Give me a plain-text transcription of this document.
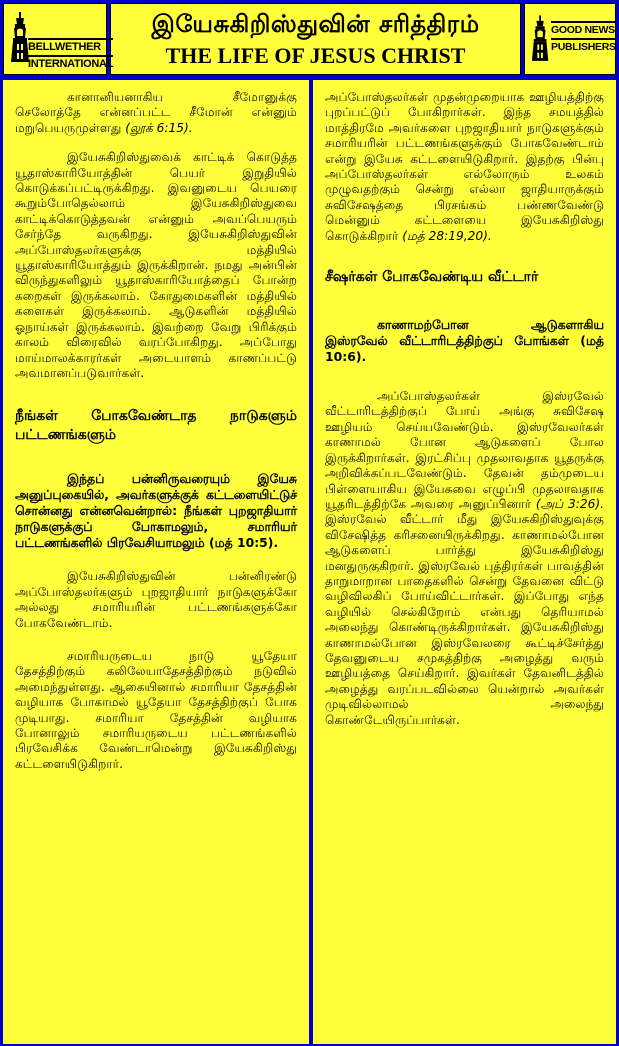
BELLWETHER
INTERNATIONAL
இயேசுகிறிஸ்துவின் சரித்திரம்
THE LIFE OF JESUS CHRIST
GOOD NEWS
PUBLISHERS

கானானியனாகிய சீமோனுக்கு செலோத்தே என்னப்பட்ட சீமோன் என்னும் மறுபெயருமுள்ளது (லூக் 6:15).

இயேசுகிறிஸ்துவைக் காட்டிக் கொடுத்த யூதாஸ்காரியோத்தின் பெயர் இறுதியில் கொடுக்கப்பட்டிருக்கிறது. இவனுடைய பெயரை கூறும்போதெல்லாம் இயேசுகிறிஸ்துவை காட்டிக்கொடுத்தவன் என்னும் அவப்பெயரும் சேர்ந்தே வருகிறது. இயேசுகிறிஸ்துவின் அப்போஸ்தலர்களுக்கு மத்தியில் யூதாஸ்காரியோத்தும் இருக்கிறான். நமது அன்பின் விருந்துகளிலும் யூதாஸ்காரியோத்தைப் போன்ற கறைகள் இருக்கலாம். கோதுமைகளின் மத்தியில் களைகள் இருக்கலாம். ஆடுகளின் மத்தியில் ஓநாய்கள் இருக்கலாம். இவற்றை வேறு பிரிக்கும் காலம் விரைவில் வரப்போகிறது. அப்போது மாய்மாலக்காரர்கள் அடையாளம் காணப்பட்டு அவமானப்படுவார்கள்.

நீங்கள் போகவேண்டாத நாடுகளும் பட்டணங்களும்

இந்தப் பன்னிருவரையும் இயேசு அனுப்புகையில், அவர்களுக்குக் கட்டளையிட்டுச் சொன்னது என்னவென்றால்: நீங்கள் புறஜாதியார் நாடுகளுக்குப் போகாமலும், சமாரியர் பட்டணங்களில் பிரவேசியாமலும் (மத் 10:5).

இயேசுகிறிஸ்துவின் பன்னிரண்டு அப்போஸ்தலர்களும் புறஜாதியார் நாடுகளுக்கோ அல்லது சமாரியரின் பட்டணங்களுக்கோ போகவேண்டாம்.

சமாரியருடைய நாடு யூதேயா தேசத்திற்கும் கலிலேயாதேசத்திற்கும் நடுவில் அமைந்துள்ளது. ஆகையினால் சமாரியா தேசத்தின் வழியாக போகாமல் யூதேயா தேசத்திற்குப் போக முடியாது. சமாரியா தேசத்தின் வழியாக போனாலும் சமாரியருடைய பட்டணங்களில் பிரவேசிக்க வேண்டாமென்று இயேசுகிறிஸ்து கட்டளையிடுகிறார்.

அப்போஸ்தலர்கள் முதன்முறையாக ஊழியத்திற்கு புறப்பட்டுப் போகிறார்கள். இந்த சமயத்தில் மாத்திரமே அவர்களை புறஜாதியார் நாடுகளுக்கும் சமாரியரின் பட்டணங்களுக்கும் போகவேண்டாம் என்று இயேசு கட்டளையிடுகிறார். இதற்கு பின்பு அப்போஸ்தலர்கள் எல்லோரும் உலகம் முழுவதற்கும் சென்று எல்லா ஜாதியாருக்கும் சுவிசேஷத்தை பிரசங்கம் பண்ணவேண்டு மென்னும் கட்டளையை இயேசுகிறிஸ்து கொடுக்கிறார் (மத் 28:19,20).

சீஷர்கள் போகவேண்டிய வீட்டார்

காணாமற்போன ஆடுகளாகிய இஸ்ரவேல் வீட்டாரிடத்திற்குப் போங்கள் (மத் 10:6).

அப்போஸ்தலர்கள் இஸ்ரவேல் வீட்டாரிடத்திற்குப் போய் அங்கு சுவிசேஷ ஊழியம் செய்யவேண்டும். இஸ்ரவேலர்கள் காணாமல் போன ஆடுகளைப் போல இருக்கிறார்கள். இரட்சிப்பு முதலாவதாக யூதருக்கு அறிவிக்கப்படவேண்டும். தேவன் தம்முடைய பிள்ளையாகிய இயேசுவை எழுப்பி முதலாவதாக யூதரிடத்திற்கே அவரை அனுப்பினார் (அப் 3:26). இஸ்ரவேல் வீட்டார் மீது இயேசுகிறிஸ்துவுக்கு விசேஷித்த கரிசனையிருக்கிறது. காணாமல்போன ஆடுகளைப் பார்த்து இயேசுகிறிஸ்து மனதுருகுகிறார். இஸ்ரவேல் புத்திரர்கள் பாவத்தின் தாறுமாறான பாதைகளில் சென்று தேவனை விட்டு வழிவிலகிப் போய்விட்டார்கள். இப்போது எந்த வழியில் செல்கிறோம் என்பது தெரியாமல் அலைந்து கொண்டிருக்கிறார்கள். இயேசுகிறிஸ்து காணாமல்போன இஸ்ரவேலரை கூட்டிச்சேர்த்து தேவனுடைய சமுகத்திற்கு அழைத்து வரும் ஊழியத்தை செய்கிறார். இவர்கள் தேவனிடத்தில் அழைத்து வரப்படவில்லை யென்றால் அவர்கள் முடிவில்லாமல் அலைந்து கொண்டேயிருப்பார்கள்.
